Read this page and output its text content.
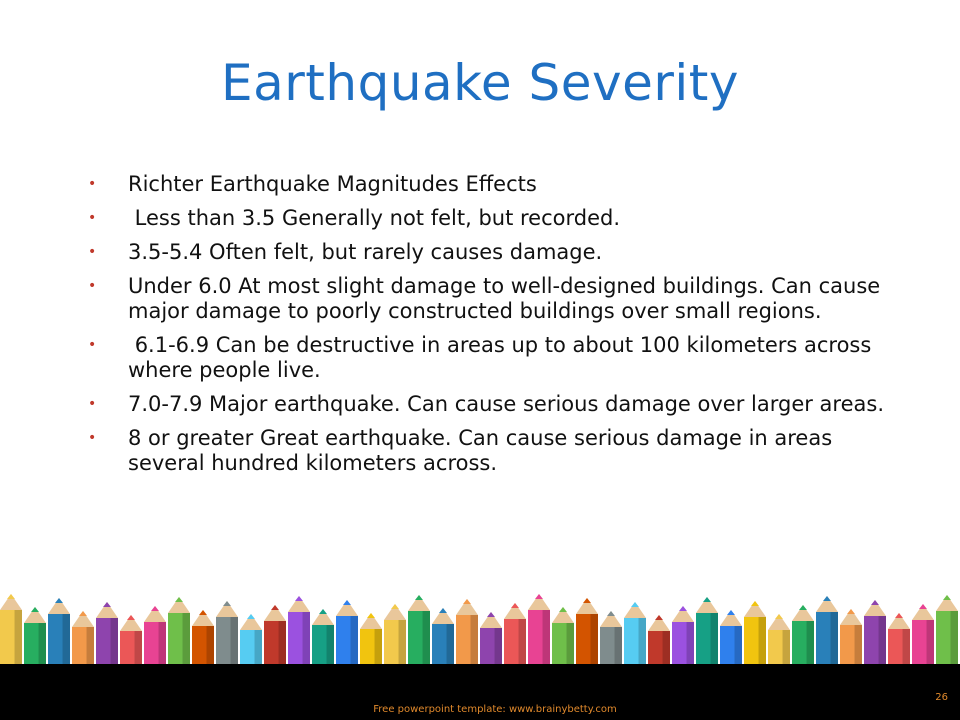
Earthquake Severity
• Richter Earthquake Magnitudes Effects
• Less than 3.5 Generally not felt, but recorded.
• 3.5-5.4 Often felt, but rarely causes damage.
• Under 6.0 At most slight damage to well-designed buildings. Can cause major damage to poorly constructed buildings over small regions.
• 6.1-6.9 Can be destructive in areas up to about 100 kilometers across where people live.
• 7.0-7.9 Major earthquake. Can cause serious damage over larger areas.
• 8 or greater Great earthquake. Can cause serious damage in areas several hundred kilometers across.
26
Free powerpoint template: www.brainybetty.com
